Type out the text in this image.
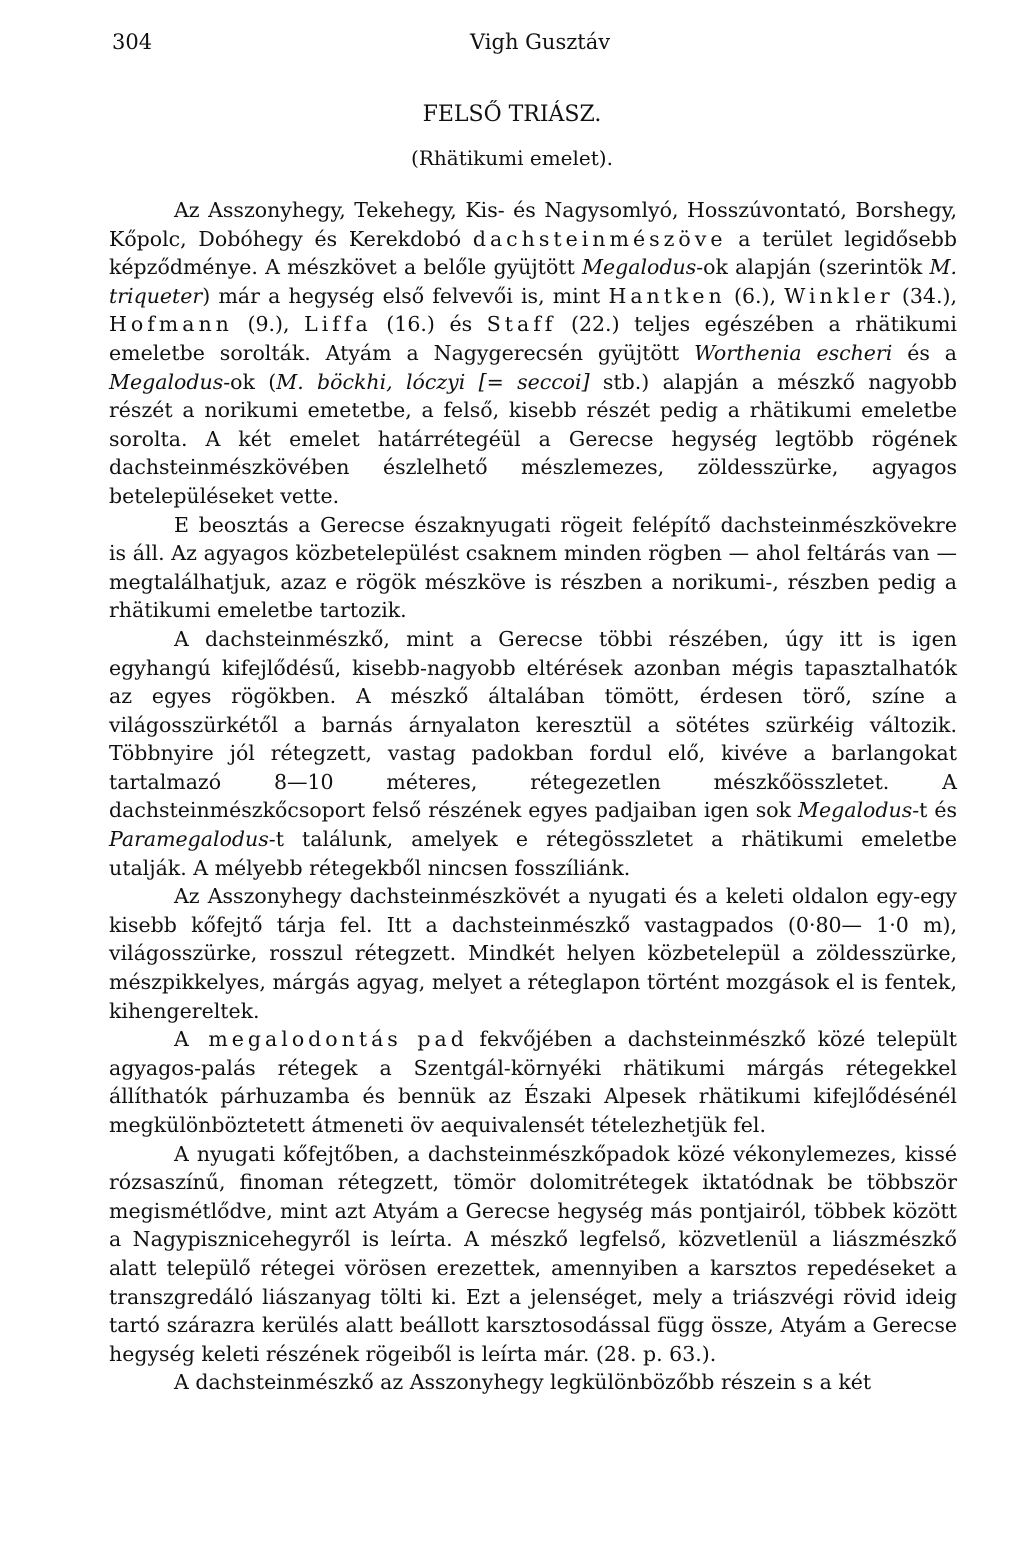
304	Vigh Gusztáv
FELSŐ TRIÁSZ.
(Rhätikumi emelet).

Az Asszonyhegy, Tekehegy, Kis- és Nagysomlyó, Hosszúvontató, Borshegy, Kőpolc, Dobóhegy és Kerekdobó dachsteinmészöve a terület legidősebb képződménye. A mészkövet a belőle gyüjtött Megalodus-ok alapján (szerintök M. triqueter) már a hegység első felvevői is, mint Hantken (6.), Winkler (34.), Hofmann (9.), Liffa (16.) és Staff (22.) teljes egészében a rhätikumi emeletbe sorolták. Atyám a Nagygerecsén gyüjtött Worthenia escheri és a Megalodus-ok (M. böckhi, lóczyi [= seccoi] stb.) alapján a mészkő nagyobb részét a norikumi emetetbe, a felső, kisebb részét pedig a rhätikumi emeletbe sorolta. A két emelet határrétegéül a Gerecse hegység legtöbb rögének dachsteinmészkövében észlelhető mészlemezes, zöldesszürke, agyagos betelepüléseket vette.

E beosztás a Gerecse északnyugati rögeit felépítő dachsteinmészkövekre is áll. Az agyagos közbetelepülést csaknem minden rögben — ahol feltárás van — megtalálhatjuk, azaz e rögök mészköve is részben a norikumi-, részben pedig a rhätikumi emeletbe tartozik.

A dachsteinmészkő, mint a Gerecse többi részében, úgy itt is igen egyhangú kifejlődésű, kisebb-nagyobb eltérések azonban mégis tapasztalhatók az egyes rögökben. A mészkő általában tömött, érdesen törő, színe a világosszürkétől a barnás árnyalaton keresztül a sötétes szürkéig változik. Többnyire jól rétegzett, vastag padokban fordul elő, kivéve a barlangokat tartalmazó 8—10 méteres, rétegezetlen mészkőösszletet. A dachsteinmészkőcsoport felső részének egyes padjaiban igen sok Megalodus-t és Paramegalodus-t találunk, amelyek e rétegösszletet a rhätikumi emeletbe utalják. A mélyebb rétegekből nincsen fosszíliánk.

Az Asszonyhegy dachsteinmészkövét a nyugati és a keleti oldalon egy-egy kisebb kőfejtő tárja fel. Itt a dachsteinmészkő vastagpados (0·80— 1·0 m), világosszürke, rosszul rétegzett. Mindkét helyen közbetelepül a zöldesszürke, mészpikkelyes, márgás agyag, melyet a réteglapon történt mozgások el is fentek, kihengereltek.

A megalodontás pad fekvőjében a dachsteinmészkő közé települt agyagos-palás rétegek a Szentgál-környéki rhätikumi márgás rétegekkel állíthatók párhuzamba és bennük az Északi Alpesek rhätikumi kifejlődésénél megkülönböztetett átmeneti öv aequivalensét tételezhetjük fel.

A nyugati kőfejtőben, a dachsteinmészkőpadok közé vékonylemezes, kissé rózsaszínű, finoman rétegzett, tömör dolomitrétegek iktatódnak be többször megismétlődve, mint azt Atyám a Gerecse hegység más pontjairól, többek között a Nagypisznicehegyről is leírta. A mészkő legfelső, közvetlenül a liászmészkő alatt települő rétegei vörösen erezettek, amennyiben a karsztos repedéseket a transzgredáló liászanyag tölti ki. Ezt a jelenséget, mely a triászvégi rövid ideig tartó szárazra kerülés alatt beállott karsztosodással függ össze, Atyám a Gerecse hegység keleti részének rögeiből is leírta már. (28. p. 63.).

A dachsteinmészkő az Asszonyhegy legkülönbözőbb részein s a két
